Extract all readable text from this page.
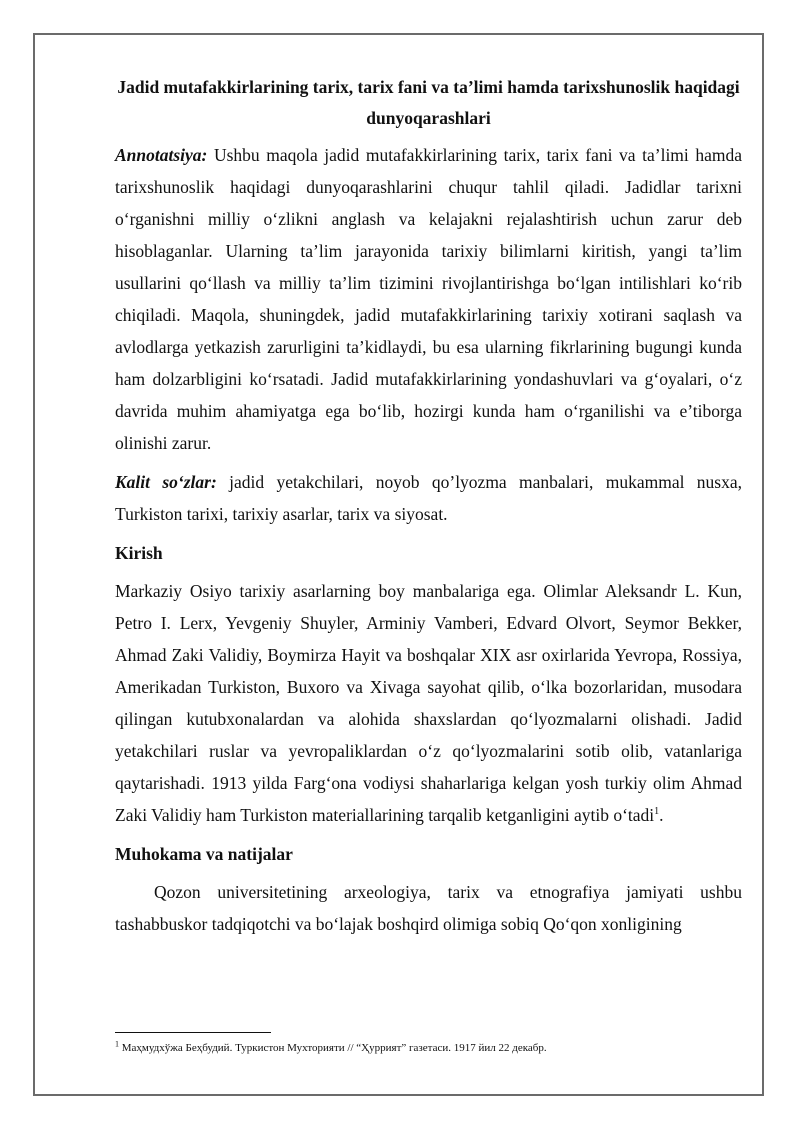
Jadid mutafakkirlarining tarix, tarix fani va ta’limi hamda tarixshunoslik haqidagi dunyoqarashlari

Annotatsiya: Ushbu maqola jadid mutafakkirlarining tarix, tarix fani va ta’limi hamda tarixshunoslik haqidagi dunyoqarashlarini chuqur tahlil qiladi. Jadidlar tarixni o‘rganishni milliy o‘zlikni anglash va kelajakni rejalashtirish uchun zarur deb hisoblaganlar. Ularning ta’lim jarayonida tarixiy bilimlarni kiritish, yangi ta’lim usullarini qo‘llash va milliy ta’lim tizimini rivojlantirishga bo‘lgan intilishlari ko‘rib chiqiladi. Maqola, shuningdek, jadid mutafakkirlarining tarixiy xotirani saqlash va avlodlarga yetkazish zarurligini ta’kidlaydi, bu esa ularning fikrlarining bugungi kunda ham dolzarbligini ko‘rsatadi. Jadid mutafakkirlarining yondashuvlari va g‘oyalari, o‘z davrida muhim ahamiyatga ega bo‘lib, hozirgi kunda ham o‘rganilishi va e’tiborga olinishi zarur.

Kalit so‘zlar: jadid yetakchilari, noyob qo’lyozma manbalari, mukammal nusxa, Turkiston tarixi, tarixiy asarlar, tarix va siyosat.

Kirish

Markaziy Osiyo tarixiy asarlarning boy manbalariga ega. Olimlar Aleksandr L. Kun, Petro I. Lerx, Yevgeniy Shuyler, Arminiy Vamberi, Edvard Olvort, Seymor Bekker, Ahmad Zaki Validiy, Boymirza Hayit va boshqalar XIX asr oxirlarida Yevropa, Rossiya, Amerikadan Turkiston, Buxoro va Xivaga sayohat qilib, o‘lka bozorlaridan, musodara qilingan kutubxonalardan va alohida shaxslardan qo‘lyozmalarni olishadi. Jadid yetakchilari ruslar va yevropaliklardan o‘z qo‘lyozmalarini sotib olib, vatanlariga qaytarishadi. 1913 yilda Farg‘ona vodiysi shaharlariga kelgan yosh turkiy olim Ahmad Zaki Validiy ham Turkiston materiallarining tarqalib ketganligini aytib o‘tadi$^1$.

Muhokama va natijalar

Qozon universitetining arxeologiya, tarix va etnografiya jamiyati ushbu tashabbuskor tadqiqotchi va bo‘lajak boshqird olimiga sobiq Qo‘qon xonligining

$^1$ Маҳмудхўжа Беҳбудий. Туркистон Мухторияти // “Ҳуррият” газетаси. 1917 йил 22 декабр.
